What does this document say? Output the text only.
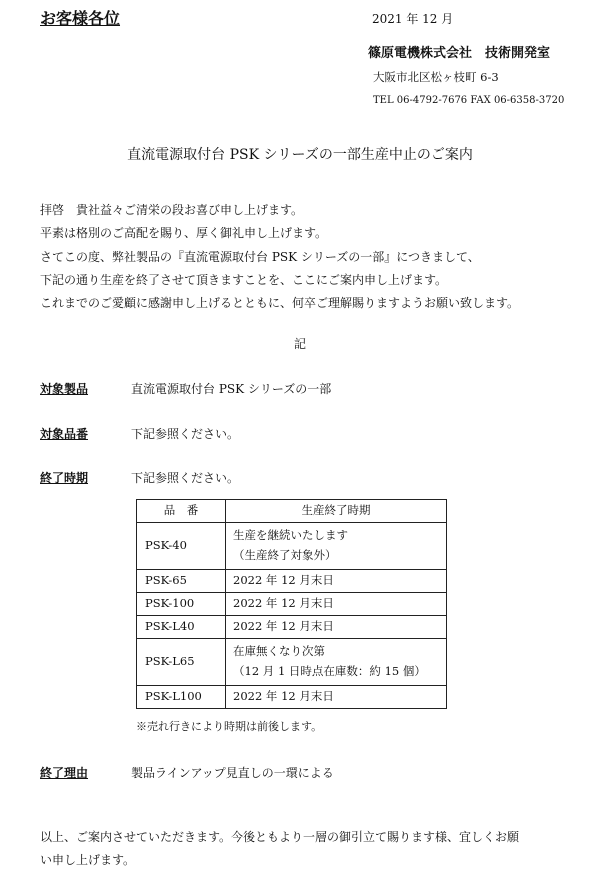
お客様各位	2021 年 12 月
篠原電機株式会社　技術開発室
大阪市北区松ヶ枝町 6-3
TEL 06-4792-7676 FAX 06-6358-3720
直流電源取付台 PSK シリーズの一部生産中止のご案内
拝啓　貴社益々ご清栄の段お喜び申し上げます。
平素は格別のご高配を賜り、厚く御礼申し上げます。
さてこの度、弊社製品の『直流電源取付台 PSK シリーズの一部』につきまして、
下記の通り生産を終了させて頂きますことを、ここにご案内申し上げます。
これまでのご愛顧に感謝申し上げるとともに、何卒ご理解賜りますようお願い致します。
記
対象製品	直流電源取付台 PSK シリーズの一部
対象品番	下記参照ください。
終了時期	下記参照ください。
品　番	生産終了時期
PSK-40	生産を継続いたします
（生産終了対象外）

PSK-65	2022 年 12 月末日
PSK-100	2022 年 12 月末日
PSK-L40	2022 年 12 月末日
PSK-L65	在庫無くなり次第
（12 月 1 日時点在庫数：約 15 個）

PSK-L100	2022 年 12 月末日
※売れ行きにより時期は前後します。
終了理由	製品ラインアップ見直しの一環による
以上、ご案内させていただきます。今後ともより一層の御引立て賜ります様、宜しくお願
い申し上げます。
